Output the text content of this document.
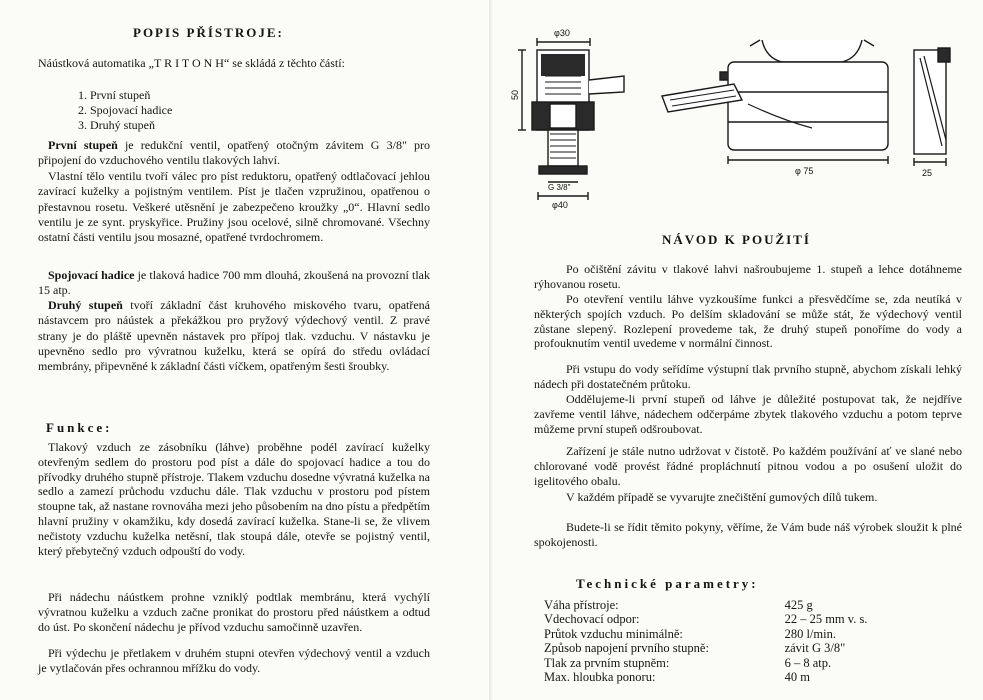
POPIS PŘÍSTROJE:

Náústková automatika „T R I T O N H“ se skládá z těchto částí:

1. První stupeň
2. Spojovací hadice
3. Druhý stupeň

První stupeň je redukční ventil, opatřený otočným závitem G 3/8" pro připojení do vzduchového ventilu tlakových lahví.

Vlastní tělo ventilu tvoří válec pro píst reduktoru, opatřený odtlačovací jehlou zavírací kuželky a pojistným ventilem. Píst je tlačen vzpružinou, opatřenou o přestavnou rosetu. Veškeré utěsnění je zabezpečeno kroužky „0“. Hlavní sedlo ventilu je ze synt. pryskyřice. Pružiny jsou ocelové, silně chromované. Všechny ostatní části ventilu jsou mosazné, opatřené tvrdochromem.

Spojovací hadice je tlaková hadice 700 mm dlouhá, zkoušená na provozní tlak 15 atp.

Druhý stupeň tvoří základní část kruhového miskového tvaru, opatřená nástavcem pro náústek a překážkou pro pryžový výdechový ventil. Z pravé strany je do pláště upevněn nástavek pro přípoj tlak. vzduchu. V nástavku je upevněno sedlo pro vývratnou kuželku, která se opírá do středu ovládací membrány, připevněné k základní části víčkem, opatřeným šesti šroubky.

Funkce:

Tlakový vzduch ze zásobníku (láhve) proběhne podél zavírací kuželky otevřeným sedlem do prostoru pod píst a dále do spojovací hadice a tou do přívodky druhého stupně přístroje. Tlakem vzduchu dosedne vývratná kuželka na sedlo a zamezí průchodu vzduchu dále. Tlak vzduchu v prostoru pod pístem stoupne tak, až nastane rovnováha mezi jeho působením na dno pístu a předpětím hlavní pružiny v okamžiku, kdy dosedá zavírací kuželka. Stane-li se, že vlivem nečistoty vzduchu kuželka netěsní, tlak stoupá dále, otevře se pojistný ventil, který přebytečný vzduch odpouští do vody.

Při nádechu náústkem prohne vzniklý podtlak membránu, která vychýlí vývratnou kuželku a vzduch začne pronikat do prostoru před náústkem a odtud do úst. Po skončení nádechu je přívod vzduchu samočinně uzavřen.

Při výdechu je přetlakem v druhém stupni otevřen výdechový ventil a vzduch je vytlačován přes ochrannou mřížku do vody.

φ30
50
G 3/8"
φ40
φ 75	25
NÁVOD K POUŽITÍ

Po očištění závitu v tlakové lahvi našroubujeme 1. stupeň a lehce dotáhneme rýhovanou rosetu.

Po otevření ventilu láhve vyzkoušíme funkci a přesvědčíme se, zda neutíká v některých spojích vzduch. Po delším skladování se může stát, že výdechový ventil zůstane slepený. Rozlepení provedeme tak, že druhý stupeň ponoříme do vody a profouknutím ventil uvedeme v normální činnost.

Při vstupu do vody seřídíme výstupní tlak prvního stupně, abychom získali lehký nádech při dostatečném průtoku.

Oddělujeme-li první stupeň od láhve je důležité postupovat tak, že nejdříve zavřeme ventil láhve, nádechem odčerpáme zbytek tlakového vzduchu a potom teprve můžeme první stupeň odšroubovat.

Zařízení je stále nutno udržovat v čistotě. Po každém používání ať ve slané nebo chlorované vodě provést řádné propláchnutí pitnou vodou a po osušení uložit do igelitového obalu.

V každém případě se vyvarujte znečištění gumových dílů tukem.

Budete-li se řídit těmito pokyny, věříme, že Vám bude náš výrobek sloužit k plné spokojenosti.

Technické parametry:
Váha přístroje:	425 g
Vdechovací odpor:	22 – 25 mm v. s.
Průtok vzduchu minimálně:	280 l/min.
Způsob napojení prvního stupně:	závit G 3/8"
Tlak za prvním stupněm:	6 – 8 atp.
Max. hloubka ponoru:	40 m
